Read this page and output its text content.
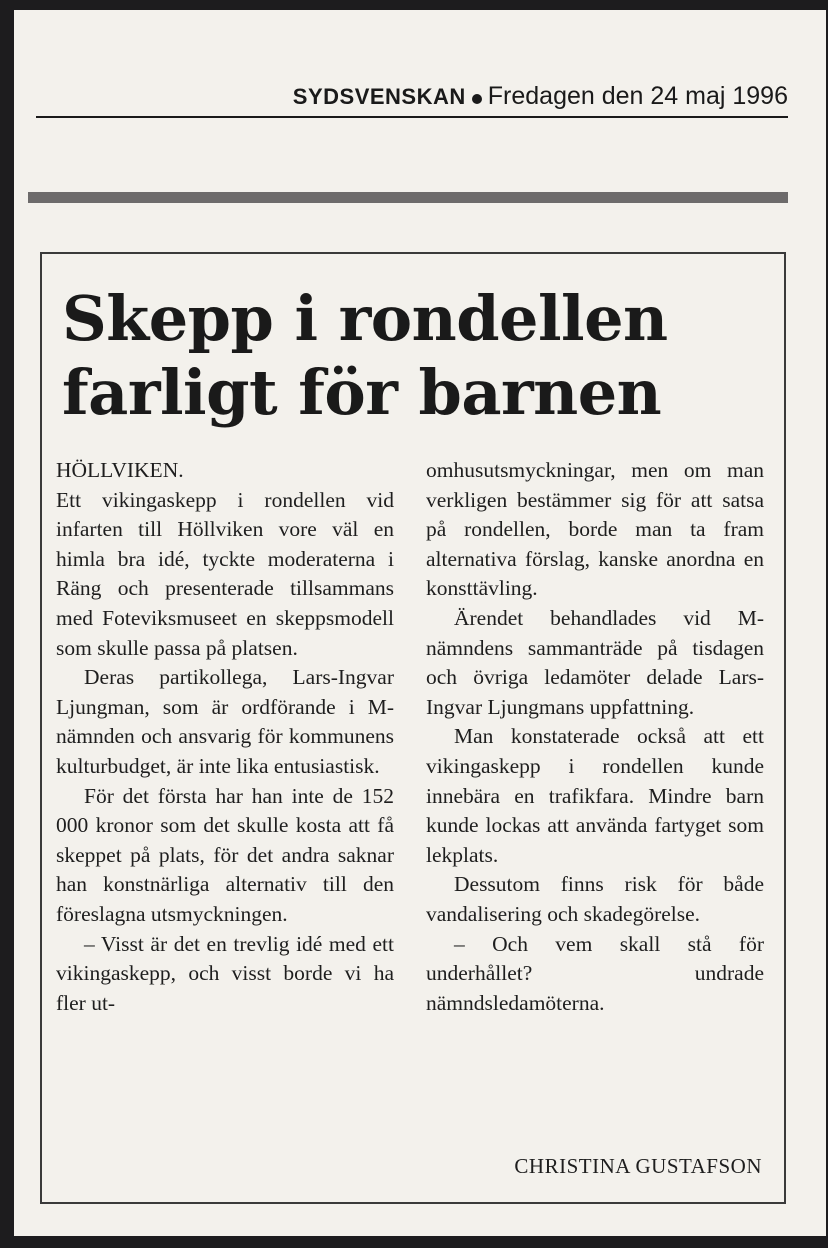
SYDSVENSKAN Fredagen den 24 maj 1996
Skepp i rondellen
farligt för barnen

HÖLLVIKEN.
Ett vikingaskepp i rondellen vid infarten till Höllviken vore väl en himla bra idé, tyckte moderaterna i Räng och presenterade tillsammans med Foteviksmuseet en skeppsmodell som skulle passa på platsen.

Deras partikollega, Lars-Ingvar Ljungman, som är ordförande i M-nämnden och ansvarig för kommunens kulturbudget, är inte lika entusiastisk.

För det första har han inte de 152 000 kronor som det skulle kosta att få skeppet på plats, för det andra saknar han konstnärliga alternativ till den föreslagna utsmyckningen.

– Visst är det en trevlig idé med ett vikingaskepp, och visst borde vi ha fler ut-

omhusutsmyckningar, men om man verkligen bestämmer sig för att satsa på rondellen, borde man ta fram alternativa förslag, kanske anordna en konsttävling.

Ärendet behandlades vid M-nämndens sammanträde på tisdagen och övriga ledamöter delade Lars-Ingvar Ljungmans uppfattning.

Man konstaterade också att ett vikingaskepp i rondellen kunde innebära en trafikfara. Mindre barn kunde lockas att använda fartyget som lekplats.

Dessutom finns risk för både vandalisering och skadegörelse.

– Och vem skall stå för underhållet? undrade nämndsledamöterna.

CHRISTINA GUSTAFSON
